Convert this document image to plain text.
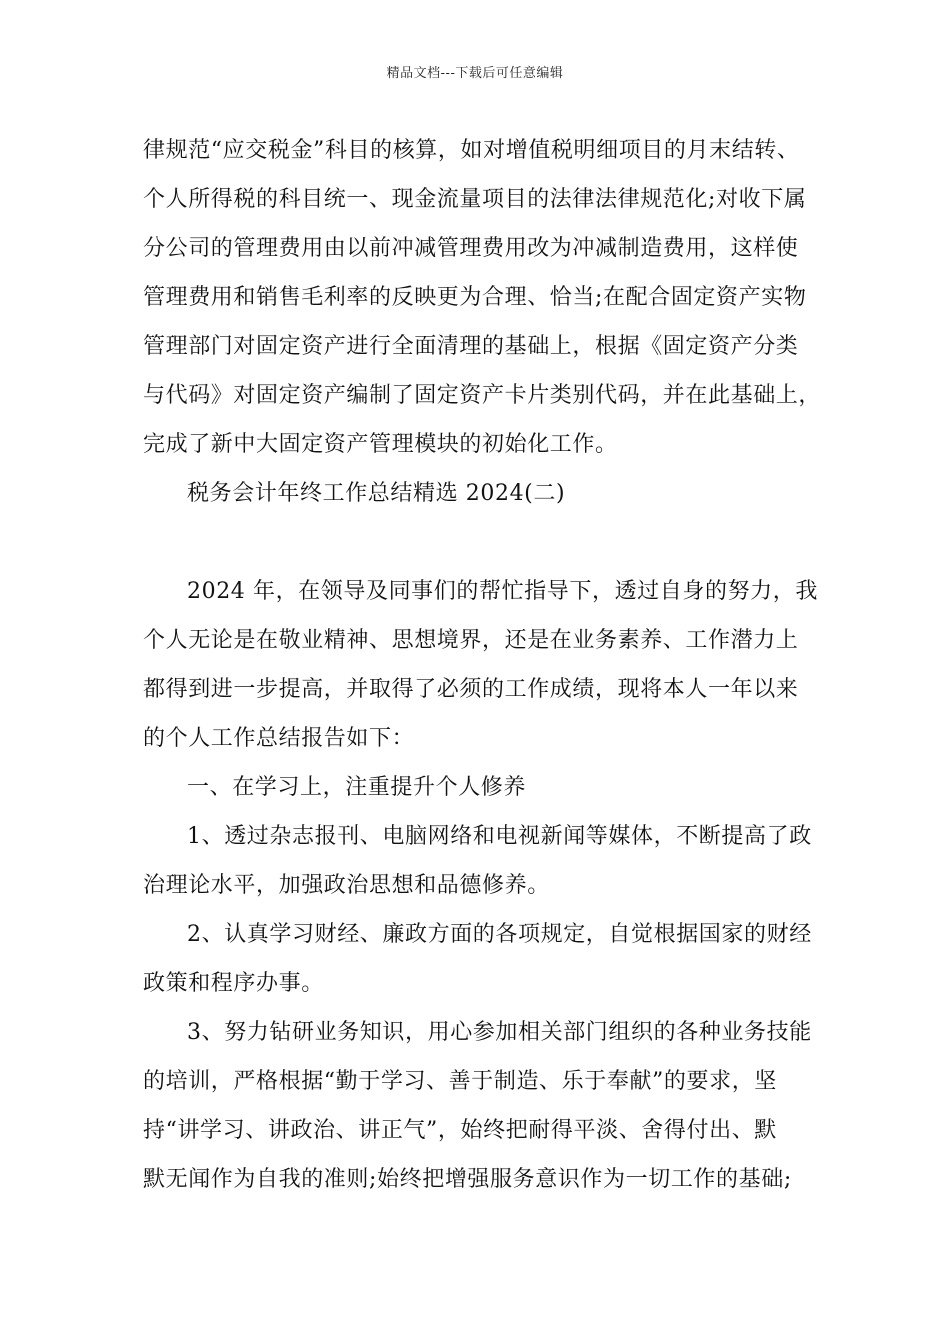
精品文档---下载后可任意编辑
律规范“应交税金”科目的核算，如对增值税明细项目的月末结转、
个人所得税的科目统一、现金流量项目的法律法律规范化;对收下属
分公司的管理费用由以前冲减管理费用改为冲减制造费用，这样使
管理费用和销售毛利率的反映更为合理、恰当;在配合固定资产实物
管理部门对固定资产进行全面清理的基础上，根据《固定资产分类
与代码》对固定资产编制了固定资产卡片类别代码，并在此基础上，
完成了新中大固定资产管理模块的初始化工作。
税务会计年终工作总结精选 2024(二)
2024 年，在领导及同事们的帮忙指导下，透过自身的努力，我
个人无论是在敬业精神、思想境界，还是在业务素养、工作潜力上
都得到进一步提高，并取得了必须的工作成绩，现将本人一年以来
的个人工作总结报告如下：
一、在学习上，注重提升个人修养
1、透过杂志报刊、电脑网络和电视新闻等媒体，不断提高了政
治理论水平，加强政治思想和品德修养。
2、认真学习财经、廉政方面的各项规定，自觉根据国家的财经
政策和程序办事。
3、努力钻研业务知识，用心参加相关部门组织的各种业务技能
的培训，严格根据“勤于学习、善于制造、乐于奉献”的要求，坚
持“讲学习、讲政治、讲正气”，始终把耐得平淡、舍得付出、默
默无闻作为自我的准则;始终把增强服务意识作为一切工作的基础;
